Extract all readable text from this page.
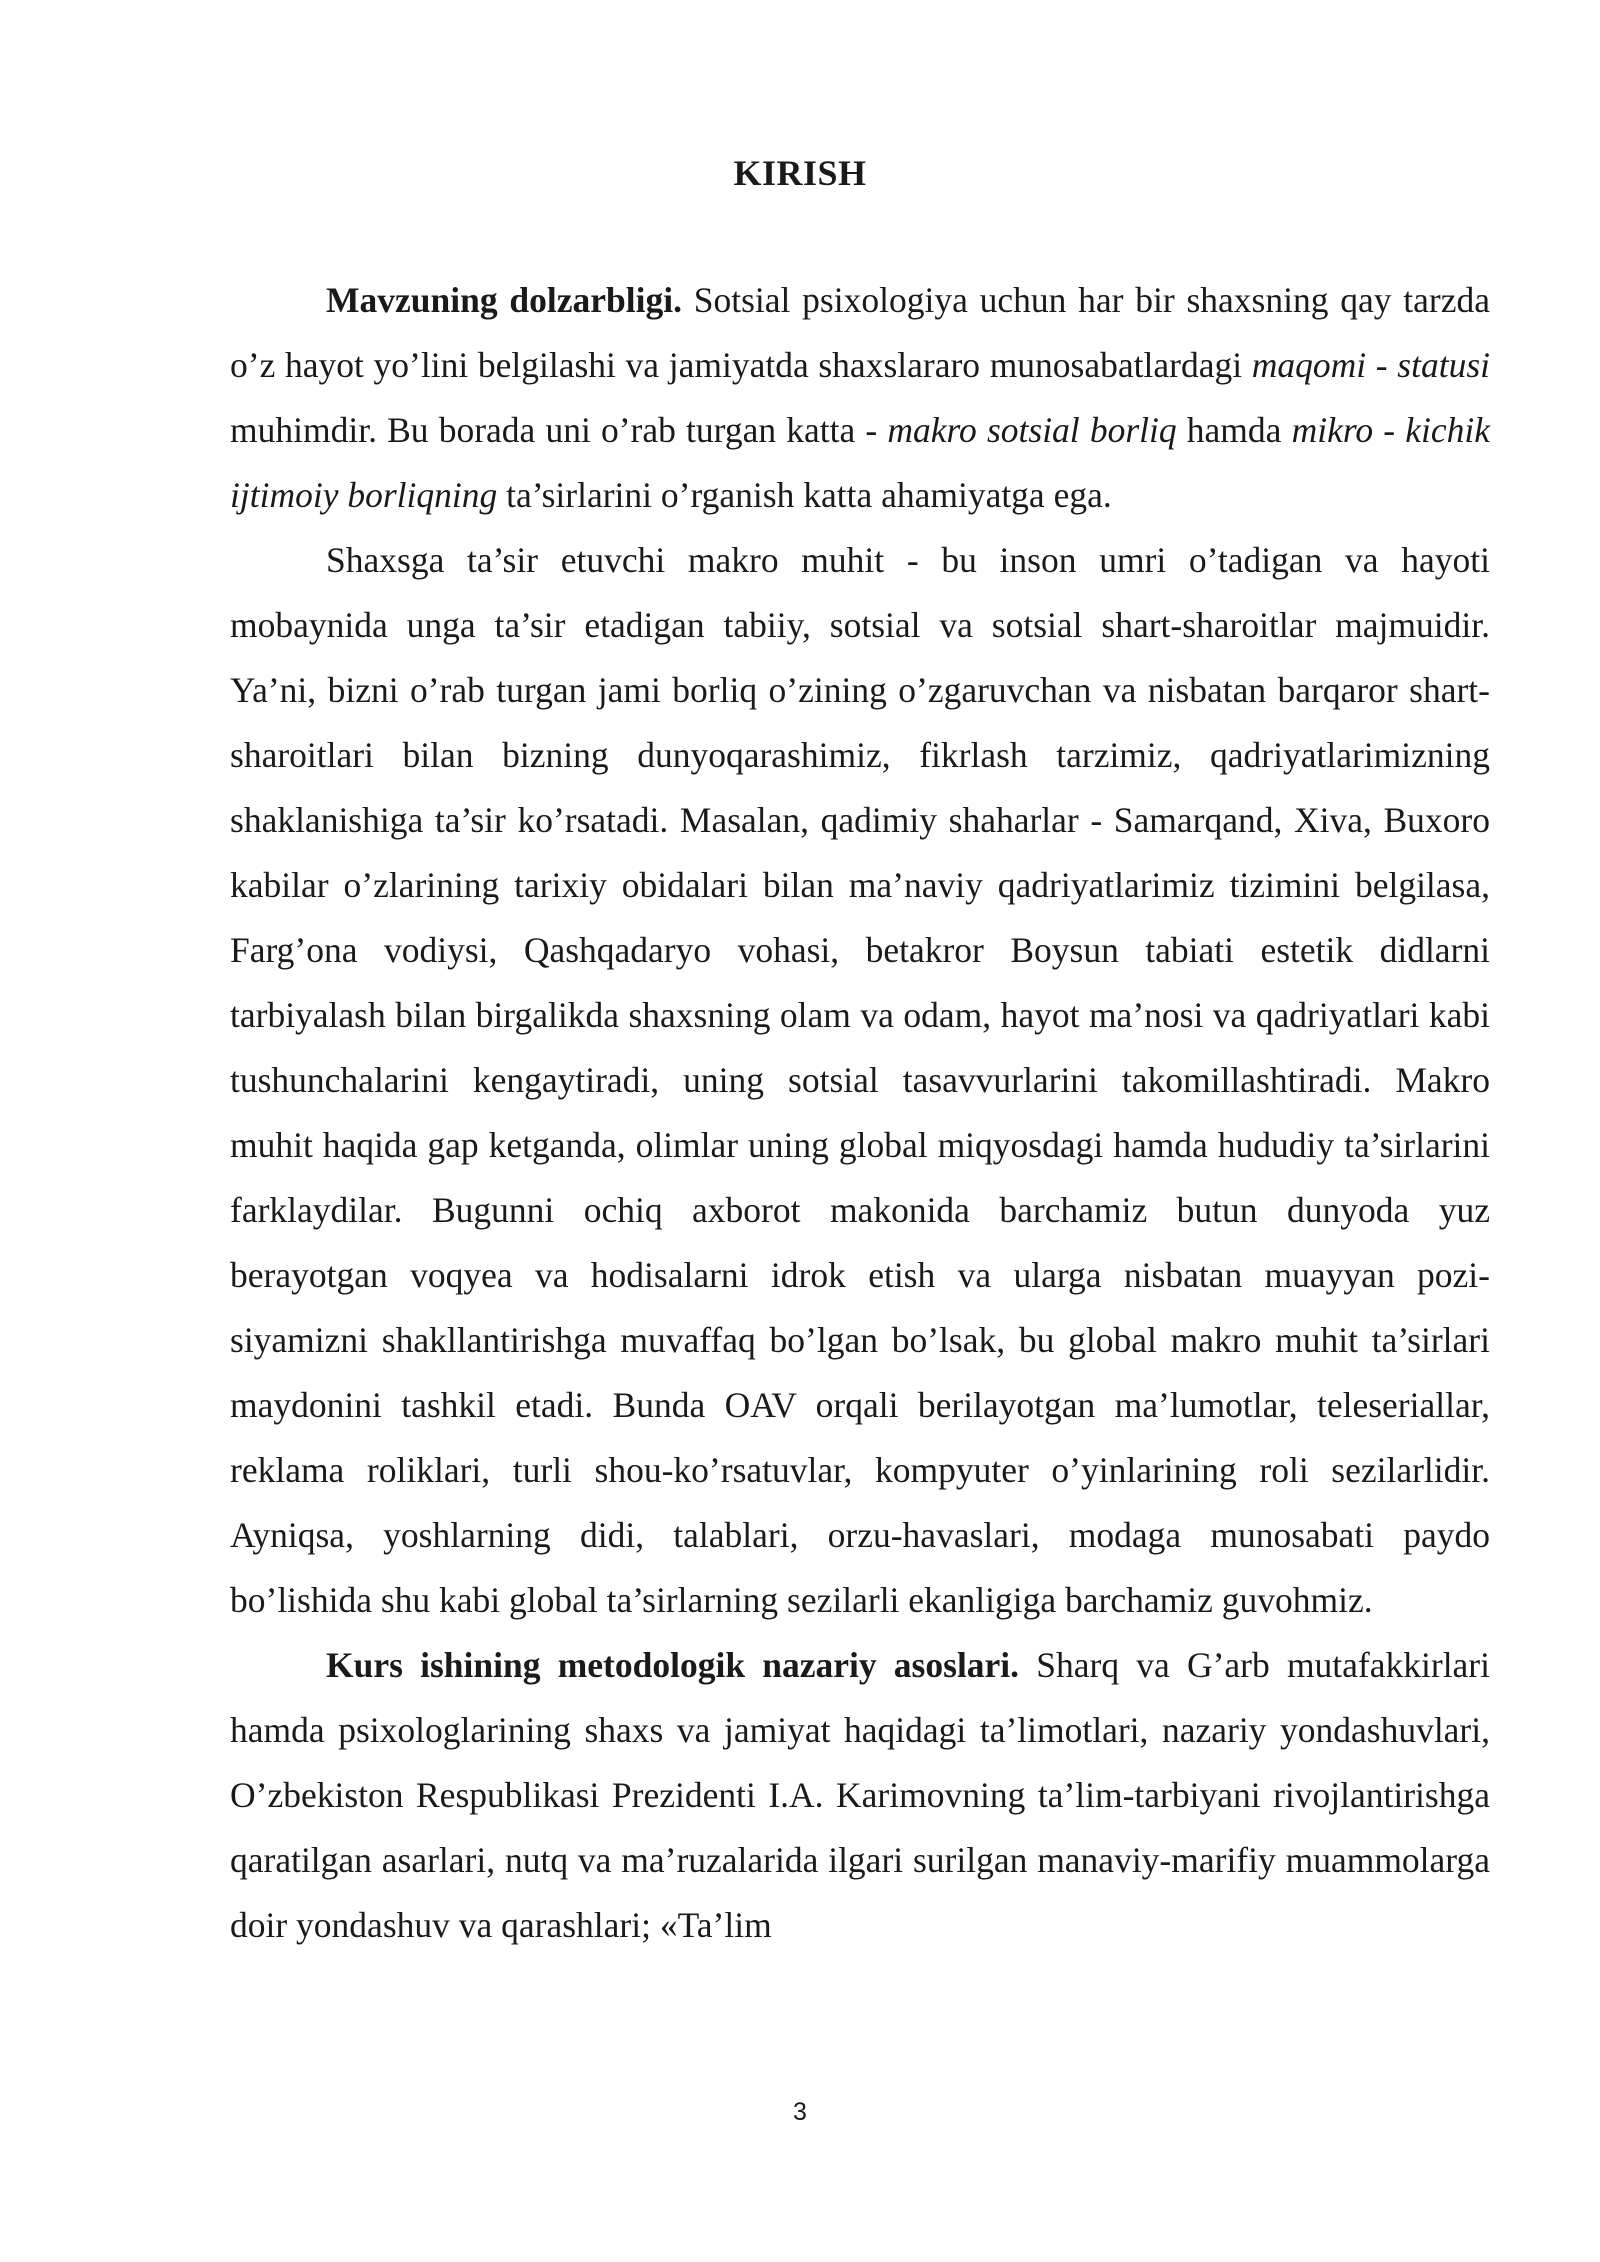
KIRISH

Mavzuning dolzarbligi. Sotsial psixologiya uchun har bir shaxsning qay tarzda o’z hayot yo’lini belgilashi va jamiyatda shaxslararo munosabatlardagi maqomi - statusi muhimdir. Bu borada uni o’rab turgan katta - makro sotsial borliq hamda mikro - kichik ijtimoiy borliqning ta’sirlarini o’rganish katta ahamiyatga ega.

Shaxsga ta’sir etuvchi makro muhit - bu inson umri o’tadigan va hayoti mobaynida unga ta’sir etadigan tabiiy, sotsial va sotsial shart-sharoitlar majmuidir. Ya’ni, bizni o’rab turgan jami borliq o’zining o’zgaruvchan va nisbatan barqaror shart-sharoitlari bilan bizning dunyoqarashimiz, fikrlash tarzimiz, qadriyatlarimizning shaklanishiga ta’sir ko’rsatadi. Masalan, qadimiy shaharlar - Samarqand, Xiva, Buxoro kabilar o’zlarining tarixiy obidalari bilan ma’naviy qadriyatlarimiz tizimini belgilasa, Farg’ona vodiysi, Qashqadaryo vohasi, betakror Boysun tabiati estetik didlarni tarbiyalash bilan birgalikda shaxsning olam va odam, hayot ma’nosi va qadriyatlari kabi tushunchalarini kengaytiradi, uning sotsial tasavvurlarini takomillashtiradi. Makro muhit haqida gap ketganda, olimlar uning global miqyosdagi hamda hududiy ta’sirlarini farklaydilar. Bugunni ochiq axborot makonida barchamiz butun dunyoda yuz berayotgan voqyea va hodisalarni idrok etish va ularga nisbatan muayyan pozi-siyamizni shakllantirishga muvaffaq bo’lgan bo’lsak, bu global makro muhit ta’sirlari maydonini tashkil etadi. Bunda OAV orqali berilayotgan ma’lumotlar, teleseriallar, reklama roliklari, turli shou-ko’rsatuvlar, kompyuter o’yinlarining roli sezilarlidir. Ayniqsa, yoshlarning didi, talablari, orzu-havaslari, modaga munosabati paydo bo’lishida shu kabi global ta’sirlarning sezilarli ekanligiga barchamiz guvohmiz.

Kurs ishining metodologik nazariy asoslari. Sharq va G’arb mutafakkirlari hamda psixologlarining shaxs va jamiyat haqidagi ta’limotlari, nazariy yondashuvlari, O’zbekiston Respublikasi Prezidenti I.A. Karimovning ta’lim-tarbiyani rivojlantirishga qaratilgan asarlari, nutq va ma’ruzalarida ilgari surilgan manaviy-marifiy muammolarga doir yondashuv va qarashlari; «Ta’lim

3
